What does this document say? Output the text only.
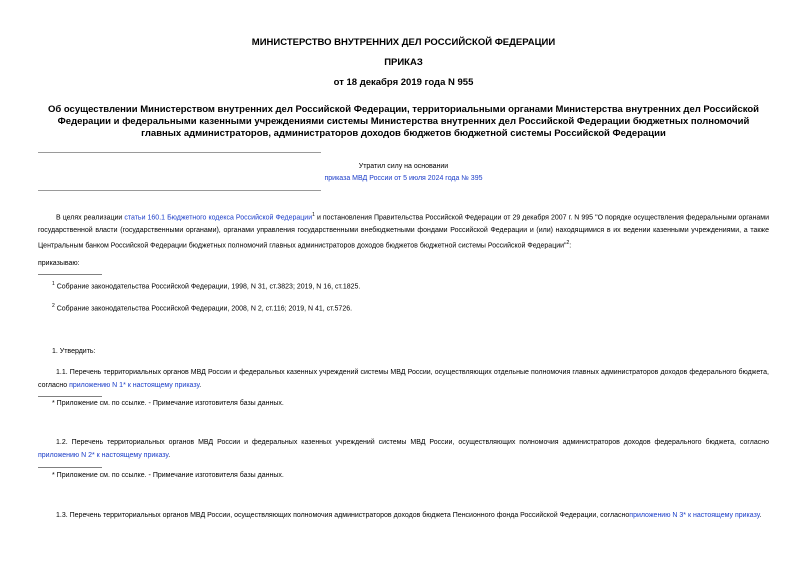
МИНИСТЕРСТВО ВНУТРЕННИХ ДЕЛ РОССИЙСКОЙ ФЕДЕРАЦИИ
ПРИКАЗ
от 18 декабря 2019 года N 955
Об осуществлении Министерством внутренних дел Российской Федерации, территориальными органами Министерства внутренних дел Российской Федерации и федеральными казенными учреждениями системы Министерства внутренних дел Российской Федерации бюджетных полномочий главных администраторов, администраторов доходов бюджетов бюджетной системы Российской Федерации
Утратил силу на основании
приказа МВД России от 5 июля 2024 года № 395
В целях реализации статьи 160.1 Бюджетного кодекса Российской Федерации$^1$ и постановления Правительства Российской Федерации от 29 декабря 2007 г. N 995 "О порядке осуществления федеральными органами государственной власти (государственными органами), органами управления государственными внебюджетными фондами Российской Федерации и (или) находящимися в их ведении казенными учреждениями, а также Центральным банком Российской Федерации бюджетных полномочий главных администраторов доходов бюджетов бюджетной системы Российской Федерации"$^2$:
приказываю:
$^1$ Собрание законодательства Российской Федерации, 1998, N 31, ст.3823; 2019, N 16, ст.1825.
$^2$ Собрание законодательства Российской Федерации, 2008, N 2, ст.116; 2019, N 41, ст.5726.
1. Утвердить:
1.1. Перечень территориальных органов МВД России и федеральных казенных учреждений системы МВД России, осуществляющих отдельные полномочия главных администраторов доходов федерального бюджета, согласно приложению N 1* к настоящему приказу.
* Приложение см. по ссылке. - Примечание изготовителя базы данных.
1.2. Перечень территориальных органов МВД России и федеральных казенных учреждений системы МВД России, осуществляющих полномочия администраторов доходов федерального бюджета, согласно приложению N 2* к настоящему приказу.
* Приложение см. по ссылке. - Примечание изготовителя базы данных.
1.3. Перечень территориальных органов МВД России, осуществляющих полномочия администраторов доходов бюджета Пенсионного фонда Российской Федерации, согласноприложению N 3* к настоящему приказу.
